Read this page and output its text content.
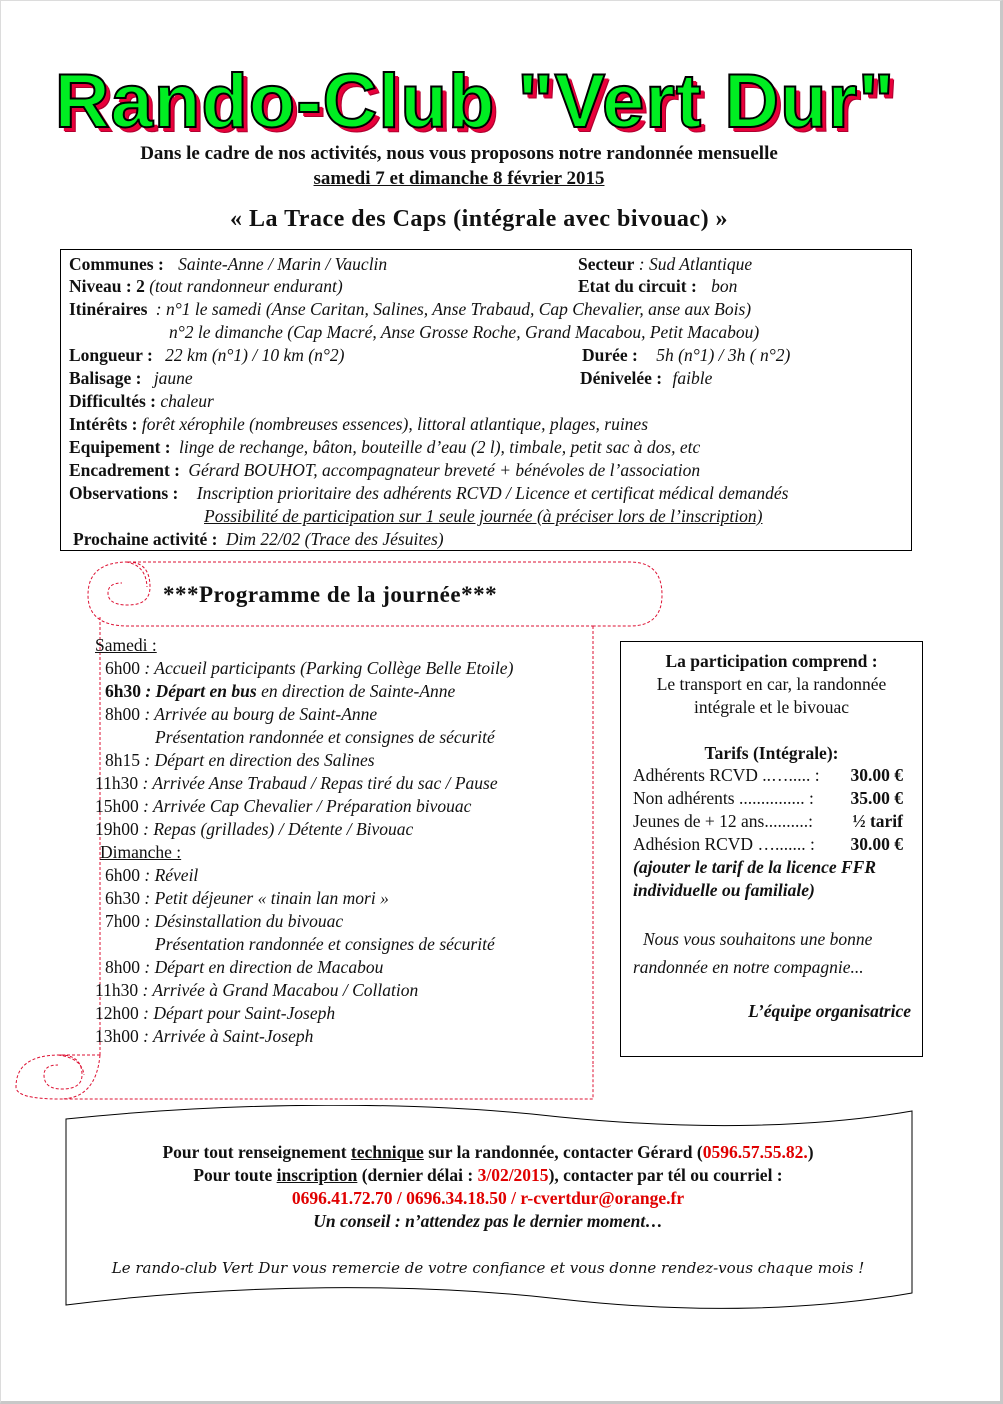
Rando-Club "Vert Dur"
Dans le cadre de nos activités, nous vous proposons notre randonnée mensuelle
samedi 7 et dimanche 8 février 2015
« La Trace des Caps (intégrale avec bivouac) »
Communes : Sainte-Anne / Marin / Vauclin	Secteur : Sud Atlantique
Niveau : 2 (tout randonneur endurant)	Etat du circuit : bon
Itinéraires : n°1 le samedi (Anse Caritan, Salines, Anse Trabaud, Cap Chevalier, anse aux Bois)
n°2 le dimanche (Cap Macré, Anse Grosse Roche, Grand Macabou, Petit Macabou)
Longueur : 22 km (n°1) / 10 km (n°2)	Durée : 5h (n°1) / 3h ( n°2)
Balisage : jaune	Dénivelée : faible
Difficultés : chaleur
Intérêts : forêt xérophile (nombreuses essences), littoral atlantique, plages, ruines
Equipement : linge de rechange, bâton, bouteille d’eau (2 l), timbale, petit sac à dos, etc
Encadrement : Gérard BOUHOT, accompagnateur breveté + bénévoles de l’association
Observations : Inscription prioritaire des adhérents RCVD / Licence et certificat médical demandés
Possibilité de participation sur 1 seule journée (à préciser lors de l’inscription)
Prochaine activité : Dim 22/02 (Trace des Jésuites)
***Programme de la journée***
Samedi :
6h00 : Accueil participants (Parking Collège Belle Etoile)
6h30 : Départ en bus en direction de Sainte-Anne
8h00 : Arrivée au bourg de Saint-Anne
Présentation randonnée et consignes de sécurité
8h15 : Départ en direction des Salines
11h30 : Arrivée Anse Trabaud / Repas tiré du sac / Pause
15h00 : Arrivée Cap Chevalier / Préparation bivouac
19h00 : Repas (grillades) / Détente / Bivouac
Dimanche :
6h00 : Réveil
6h30 : Petit déjeuner « tinain lan mori »
7h00 : Désinstallation du bivouac
Présentation randonnée et consignes de sécurité
8h00 : Départ en direction de Macabou
11h30 : Arrivée à Grand Macabou / Collation
12h00 : Départ pour Saint-Joseph
13h00 : Arrivée à Saint-Joseph
La participation comprend :
Le transport en car, la randonnée
intégrale et le bivouac
Tarifs (Intégrale):
Adhérents RCVD ..…..... : 30.00 €
Non adhérents ............... : 35.00 €
Jeunes de + 12 ans..........: ½ tarif
Adhésion RCVD …....... : 30.00 €
(ajouter le tarif de la licence FFR
individuelle ou familiale)
Nous vous souhaitons une bonne
randonnée en notre compagnie...
L’équipe organisatrice
Pour tout renseignement technique sur la randonnée, contacter Gérard (0596.57.55.82.)
Pour toute inscription (dernier délai : 3/02/2015), contacter par tél ou courriel :
0696.41.72.70 / 0696.34.18.50 / r-cvertdur@orange.fr
Un conseil : n’attendez pas le dernier moment…
Le rando-club Vert Dur vous remercie de votre confiance et vous donne rendez-vous chaque mois !
